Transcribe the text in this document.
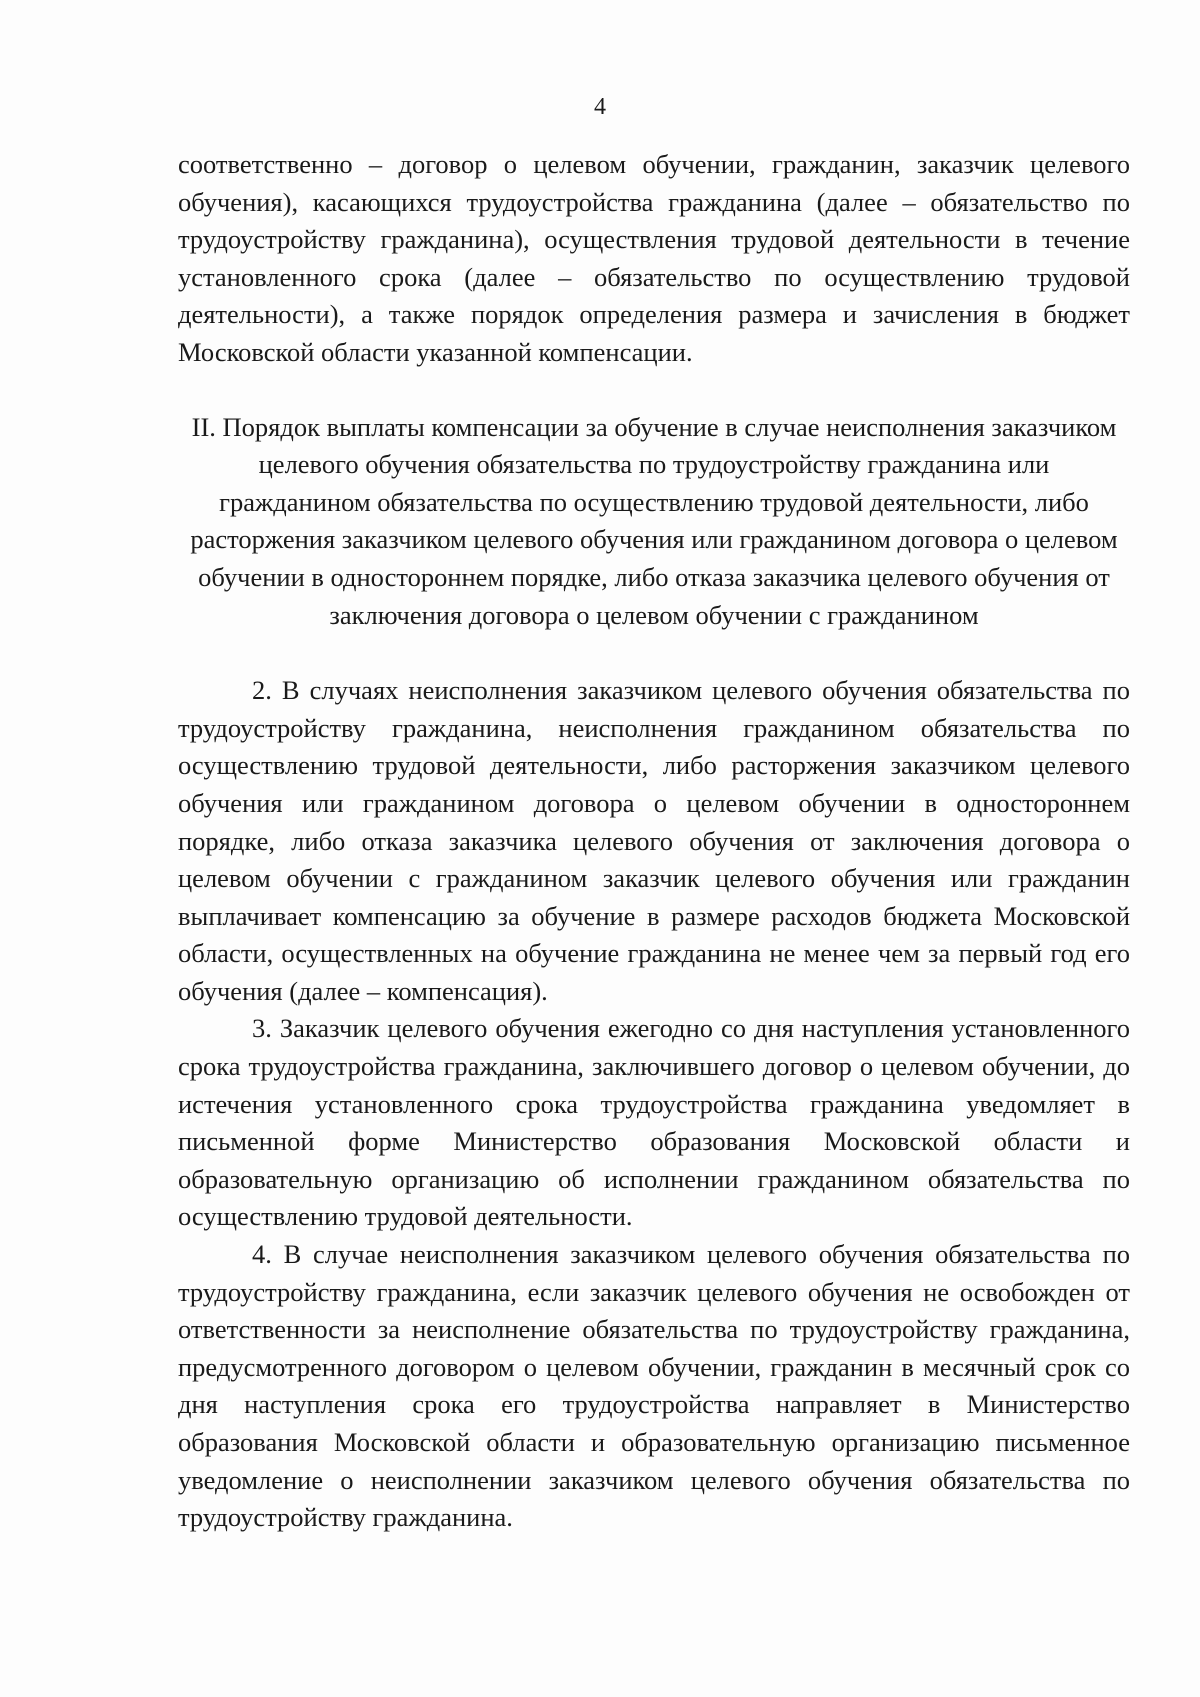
4

соответственно – договор о целевом обучении, гражданин, заказчик целевого обучения), касающихся трудоустройства гражданина (далее – обязательство по трудоустройству гражданина), осуществления трудовой деятельности в течение установленного срока (далее – обязательство по осуществлению трудовой деятельности), а также порядок определения размера и зачисления в бюджет Московской области указанной компенсации.

II. Порядок выплаты компенсации за обучение в случае неисполнения заказчиком целевого обучения обязательства по трудоустройству гражданина или гражданином обязательства по осуществлению трудовой деятельности, либо расторжения заказчиком целевого обучения или гражданином договора о целевом обучении в одностороннем порядке, либо отказа заказчика целевого обучения от заключения договора о целевом обучении с гражданином

2. В случаях неисполнения заказчиком целевого обучения обязательства по трудоустройству гражданина, неисполнения гражданином обязательства по осуществлению трудовой деятельности, либо расторжения заказчиком целевого обучения или гражданином договора о целевом обучении в одностороннем порядке, либо отказа заказчика целевого обучения от заключения договора о целевом обучении с гражданином заказчик целевого обучения или гражданин выплачивает компенсацию за обучение в размере расходов бюджета Московской области, осуществленных на обучение гражданина не менее чем за первый год его обучения (далее – компенсация).

3. Заказчик целевого обучения ежегодно со дня наступления установленного срока трудоустройства гражданина, заключившего договор о целевом обучении, до истечения установленного срока трудоустройства гражданина уведомляет в письменной форме Министерство образования Московской области и образовательную организацию об исполнении гражданином обязательства по осуществлению трудовой деятельности.

4. В случае неисполнения заказчиком целевого обучения обязательства по трудоустройству гражданина, если заказчик целевого обучения не освобожден от ответственности за неисполнение обязательства по трудоустройству гражданина, предусмотренного договором о целевом обучении, гражданин в месячный срок со дня наступления срока его трудоустройства направляет в Министерство образования Московской области и образовательную организацию письменное уведомление о неисполнении заказчиком целевого обучения обязательства по трудоустройству гражданина.
